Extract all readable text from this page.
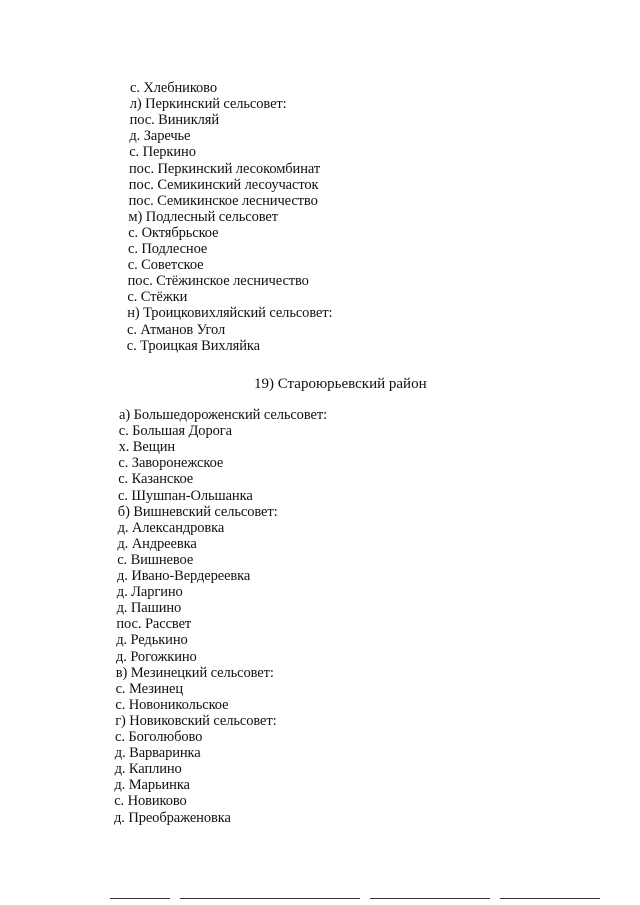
с. Хлебниково
л) Перкинский сельсовет:
пос. Виникляй
д. Заречье
с. Перкино
пос. Перкинский лесокомбинат
пос. Семикинский лесоучасток
пос. Семикинское лесничество
м) Подлесный сельсовет
с. Октябрьское
с. Подлесное
с. Советское
пос. Стёжинское лесничество
с. Стёжки
н) Троицковихляйский сельсовет:
с. Атманов Угол
с. Троицкая Вихляйка
19) Староюрьевский район
а) Большедороженский сельсовет:
с. Большая Дорога
х. Вещин
с. Заворонежское
с. Казанское
с. Шушпан-Ольшанка
б) Вишневский сельсовет:
д. Александровка
д. Андреевка
с. Вишневое
д. Ивано-Вердереевка
д. Ларгино
д. Пашино
пос. Рассвет
д. Редькино
д. Рогожкино
в) Мезинецкий сельсовет:
с. Мезинец
с. Новоникольское
г) Новиковский сельсовет:
с. Боголюбово
д. Варваринка
д. Каплино
д. Марьинка
с. Новиково
д. Преображеновка
